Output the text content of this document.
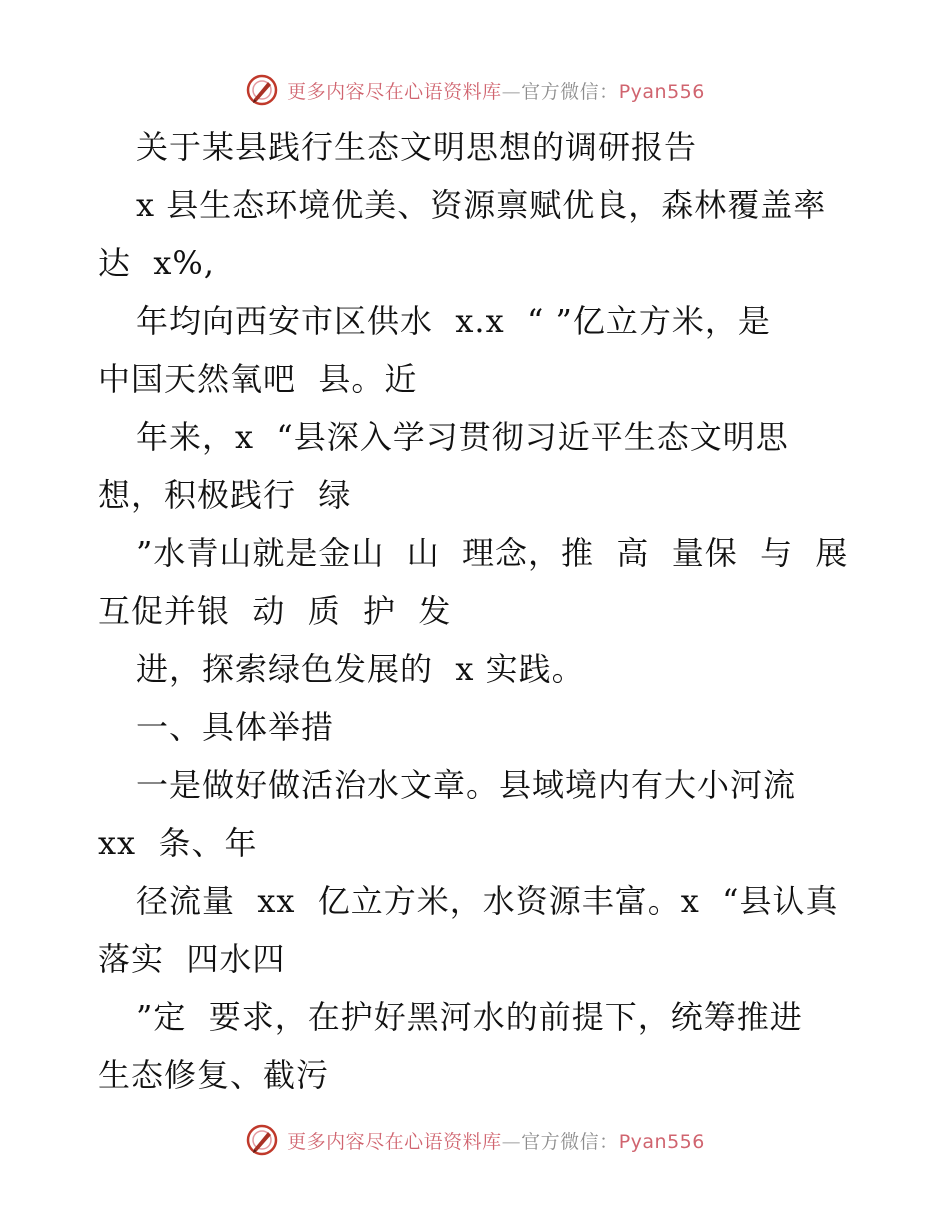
更多内容尽在心语资料库—官方微信：Pyan556
关于某县践行生态文明思想的调研报告
x 县生态环境优美、资源禀赋优良，森林覆盖率
达  x%,
年均向西安市区供水  x.x  “ ”亿立方米，是
中国天然氧吧  县。近
年来，x  “县深入学习贯彻习近平生态文明思
想，积极践行  绿
”水青山就是金山  山  理念，推  高  量保  与  展
互促并银  动  质  护  发
进，探索绿色发展的  x 实践。
一、具体举措
一是做好做活治水文章。县域境内有大小河流
xx  条、年
径流量  xx  亿立方米，水资源丰富。x  “县认真
落实  四水四
”定  要求，在护好黑河水的前提下，统筹推进
生态修复、截污
更多内容尽在心语资料库—官方微信：Pyan556
